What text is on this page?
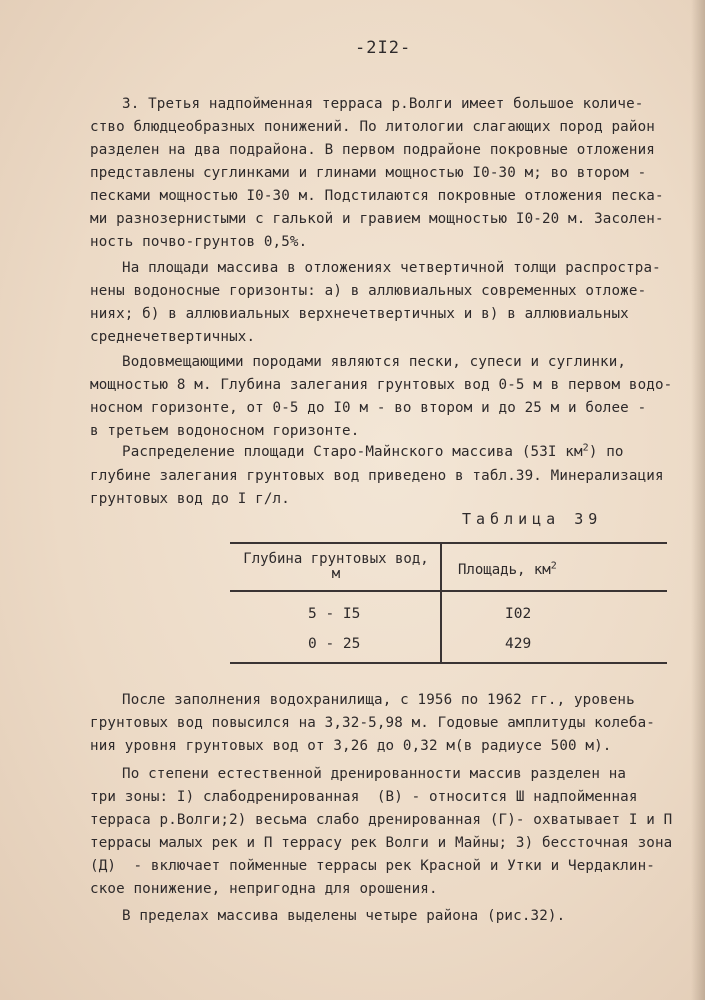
-2I2-
3. Третья надпойменная терраса р.Волги имеет большое количе-
ство блюдцеобразных понижений. По литологии слагающих пород район
разделен на два подрайона. В первом подрайоне покровные отложения
представлены суглинками и глинами мощностью I0-30 м; во втором -
песками мощностью I0-30 м. Подстилаются покровные отложения песка-
ми разнозернистыми с галькой и гравием мощностью I0-20 м. Засолен-
ность почво-грунтов 0,5%.
На площади массива в отложениях четвертичной толщи распростра-
нены водоносные горизонты: а) в аллювиальных современных отложе-
ниях; б) в аллювиальных верхнечетвертичных и в) в аллювиальных
среднечетвертичных.
Водовмещающими породами являются пески, супеси и суглинки,
мощностью 8 м. Глубина залегания грунтовых вод 0-5 м в первом водо-
носном горизонте, от 0-5 до I0 м - во втором и до 25 м и более -
в третьем водоносном горизонте.
Распределение площади Старо-Майнского массива (53I $км^2$) по
глубине залегания грунтовых вод приведено в табл.39. Минерализация
грунтовых вод до I г/л.
Таблица 39
Глубина грунтовых вод, м	Площадь, $км^2$
5 - I5	I02
0 - 25	429
После заполнения водохранилища, с 1956 по 1962 гг., уровень
грунтовых вод повысился на 3,32-5,98 м. Годовые амплитуды колеба-
ния уровня грунтовых вод от 3,26 до 0,32 м(в радиусе 500 м).
По степени естественной дренированности массив разделен на
три зоны: I) слабодренированная  (В) - относится Ш надпойменная
терраса р.Волги;2) весьма слабо дренированная (Г)- охватывает I и П
террасы малых рек и П террасу рек Волги и Майны; 3) бессточная зона
(Д)  - включает пойменные террасы рек Красной и Утки и Чердаклин-
ское понижение, непригодна для орошения.
В пределах массива выделены четыре района (рис.32).
